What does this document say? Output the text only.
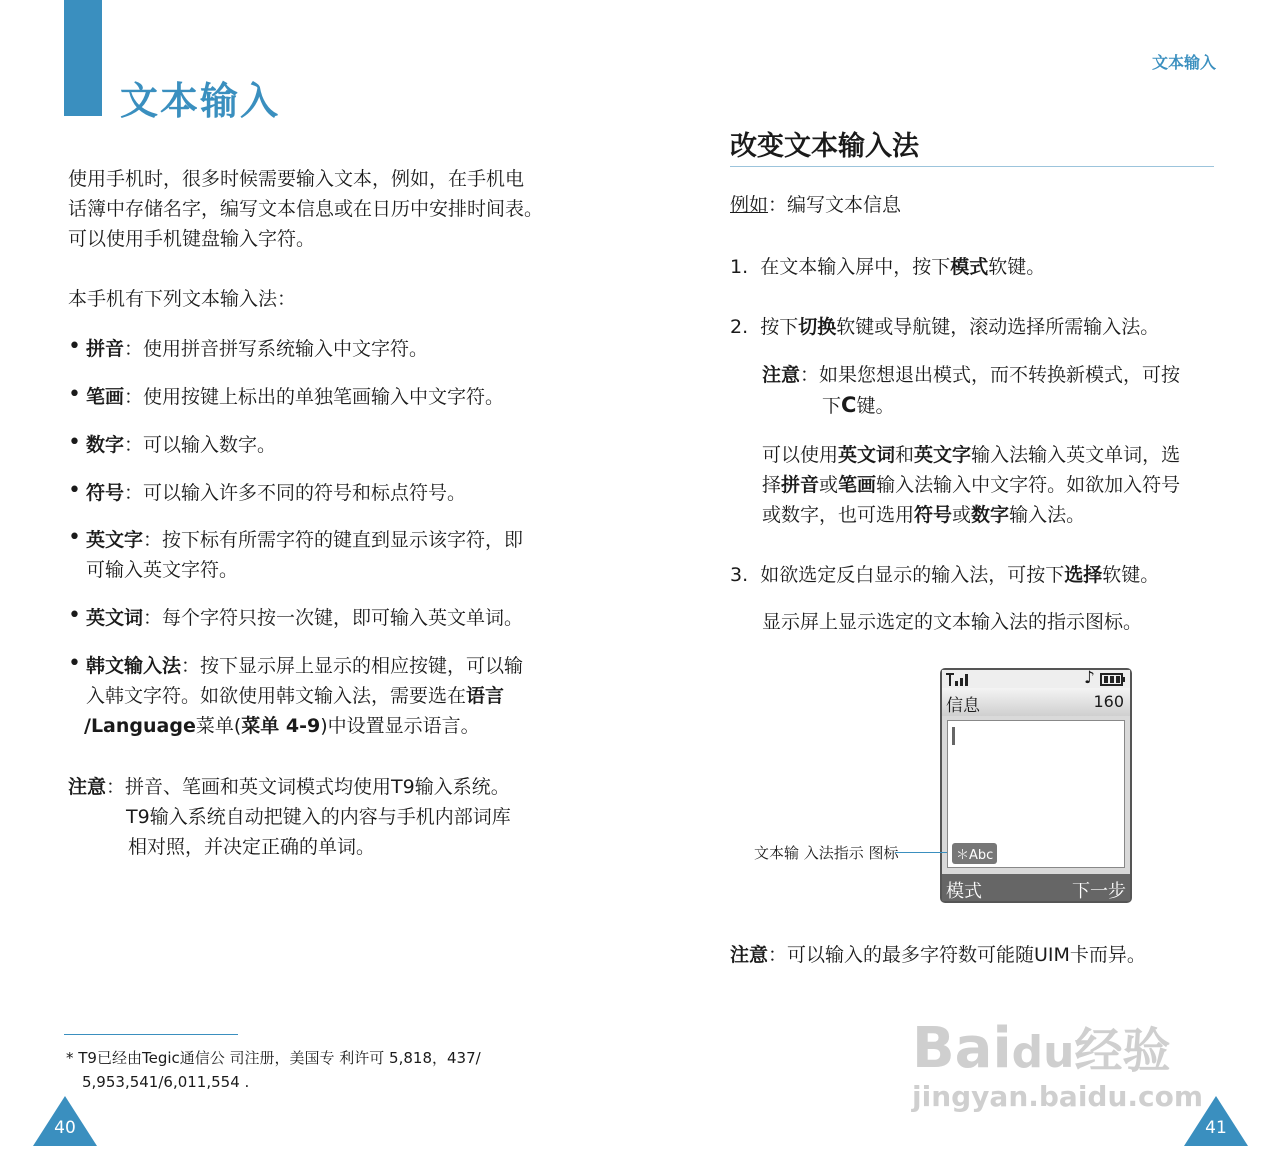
文本输入
使用手机时，很多时候需要输入文本，例如，在手机电
话簿中存储名字，编写文本信息或在日历中安排时间表。
可以使用手机键盘输入字符。
本手机有下列文本输入法：
• 拼音：使用拼音拼写系统输入中文字符。
• 笔画：使用按键上标出的单独笔画输入中文字符。
• 数字：可以输入数字。
• 符号：可以输入许多不同的符号和标点符号。
• 英文字：按下标有所需字符的键直到显示该字符，即
可输入英文字符。
• 英文词：每个字符只按一次键，即可输入英文单词。
• 韩文输入法：按下显示屏上显示的相应按键，可以输
入韩文字符。如欲使用韩文输入法，需要选在语言
/Language菜单(菜单 4-9)中设置显示语言。
注意：拼音、笔画和英文词模式均使用T9输入系统。
T9输入系统自动把键入的内容与手机内部词库
相对照，并决定正确的单词。
* T9已经由Tegic通信公 司注册，美国专 利许可 5,818，437/
5,953,541/6,011,554 .
40
文本输入
改变文本输入法
例如：编写文本信息
1. 在文本输入屏中，按下模式软键。
2. 按下切换软键或导航键，滚动选择所需输入法。
注意：如果您想退出模式，而不转换新模式，可按
下C键。
可以使用英文词和英文字输入法输入英文单词，选
择拼音或笔画输入法输入中文字符。如欲加入符号
或数字，也可选用符号或数字输入法。
3. 如欲选定反白显示的输入法，可按下选择软键。
显示屏上显示选定的文本输入法的指示图标。
♪
信息	160
＊Abc
模式	下一步
文本输 入法指示 图标
注意：可以输入的最多字符数可能随UIM卡而异。
Baidu经验
jingyan.baidu.com
41
